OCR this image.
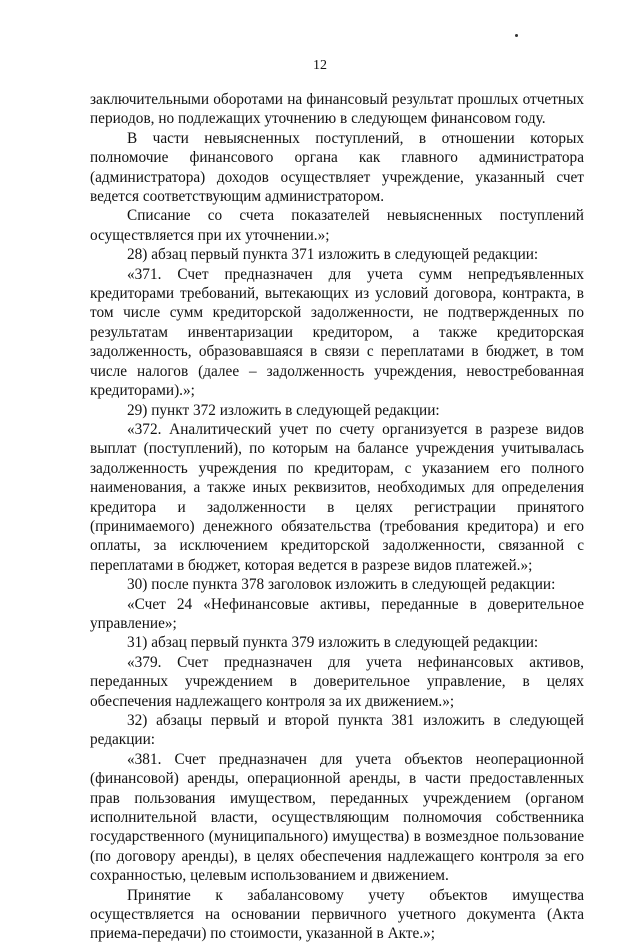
12

заключительными оборотами на финансовый результат прошлых отчетных периодов, но подлежащих уточнению в следующем финансовом году.

В части невыясненных поступлений, в отношении которых полномочие финансового органа как главного администратора (администратора) доходов осуществляет учреждение, указанный счет ведется соответствующим администратором.

Списание со счета показателей невыясненных поступлений осуществляется при их уточнении.»;

28) абзац первый пункта 371 изложить в следующей редакции:

«371. Счет предназначен для учета сумм непредъявленных кредиторами требований, вытекающих из условий договора, контракта, в том числе сумм кредиторской задолженности, не подтвержденных по результатам инвентаризации кредитором, а также кредиторская задолженность, образовавшаяся в связи с переплатами в бюджет, в том числе налогов (далее – задолженность учреждения, невостребованная кредиторами).»;

29) пункт 372 изложить в следующей редакции:

«372. Аналитический учет по счету организуется в разрезе видов выплат (поступлений), по которым на балансе учреждения учитывалась задолженность учреждения по кредиторам, с указанием его полного наименования, а также иных реквизитов, необходимых для определения кредитора и задолженности в целях регистрации принятого (принимаемого) денежного обязательства (требования кредитора) и его оплаты, за исключением кредиторской задолженности, связанной с переплатами в бюджет, которая ведется в разрезе видов платежей.»;

30) после пункта 378 заголовок изложить в следующей редакции:

«Счет 24 «Нефинансовые активы, переданные в доверительное управление»;

31) абзац первый пункта 379 изложить в следующей редакции:

«379. Счет предназначен для учета нефинансовых активов, переданных учреждением в доверительное управление, в целях обеспечения надлежащего контроля за их движением.»;

32) абзацы первый и второй пункта 381 изложить в следующей редакции:

«381. Счет предназначен для учета объектов неоперационной (финансовой) аренды, операционной аренды, в части предоставленных прав пользования имуществом, переданных учреждением (органом исполнительной власти, осуществляющим полномочия собственника государственного (муниципального) имущества) в возмездное пользование (по договору аренды), в целях обеспечения надлежащего контроля за его сохранностью, целевым использованием и движением.

Принятие к забалансовому учету объектов имущества осуществляется на основании первичного учетного документа (Акта приема-передачи) по стоимости, указанной в Акте.»;
